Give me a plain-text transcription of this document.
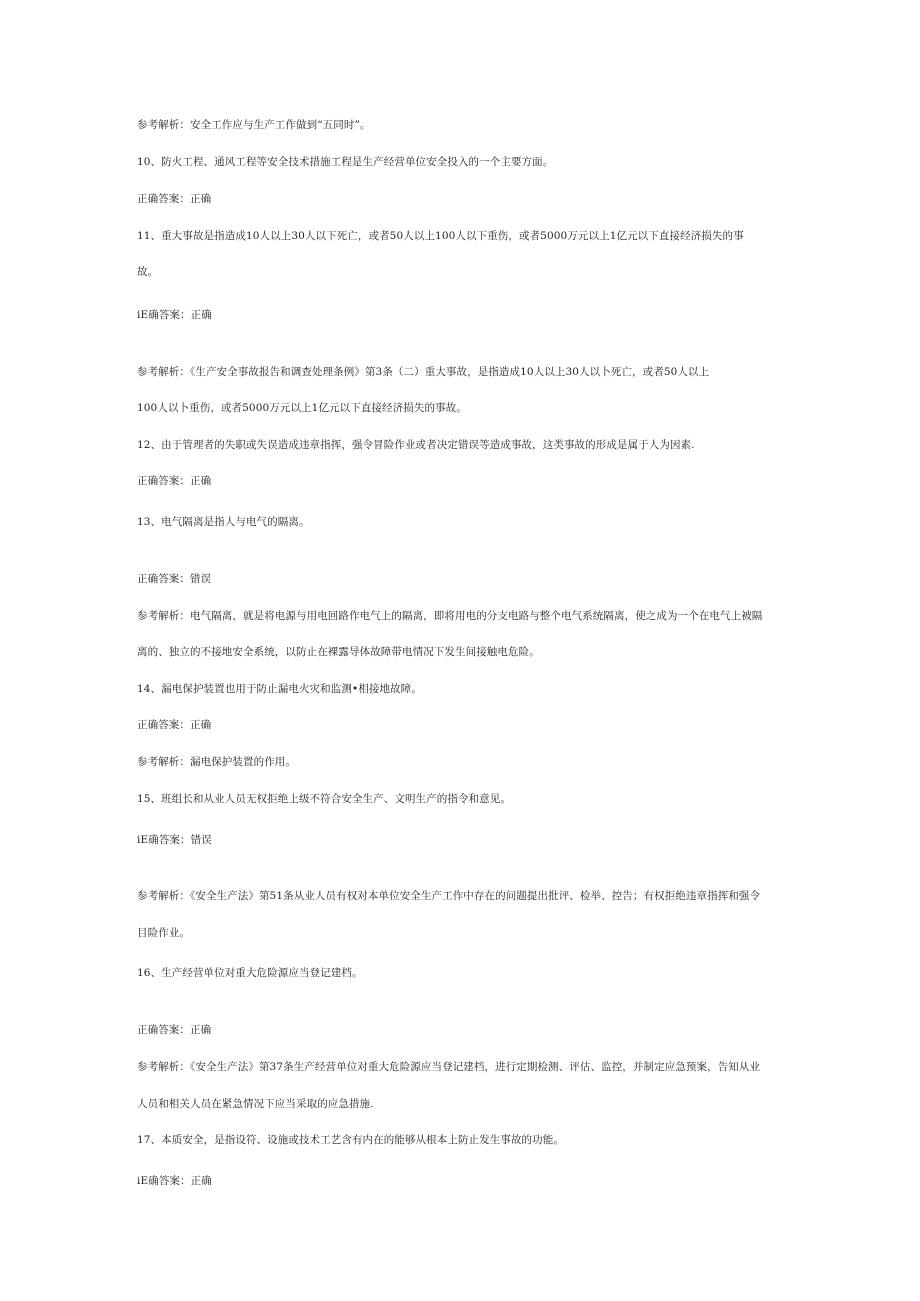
参考解析：安全工作应与生产工作做到“五同时”。
10、防火工程、通风工程等安全技术措施工程是生产经营单位安全投入的一个主要方面。
正确答案：正确
11、重大事故是指造成10人以上30人以下死亡，或者50人以上100人以下重伤，或者5000万元以上1亿元以下直接经济损失的事
故。
iE确答案：正确
参考解析：《生产安全事故报告和调查处理条例》第3条（二）重大事故，是指造成10人以上30人以卜死亡，或者50人以上
100人以卜重伤，或者5000万元以上1亿元以下直接经济损失的事故。
12、由于管理者的失职或失误造成违章指挥，强令冒险作业或者决定错误等造成事故，这类事故的形成是属于人为因素.
正确答案：正确
13、电气隔离是指人与电气的隔离。
正确答案：错误
参考解析：电气隔离，就是将电源与用电回路作电气上的隔离，即将用电的分支电路与整个电气系统隔离，使之成为一个在电气上被隔
离的、独立的不接地安全系统，以防止在裸露导体故障带电情况下发生间接触电危险。
14、漏电保护装置也用于防止漏电火灾和监测•相接地故障。
正确答案：正确
参考解析：漏电保护装置的作用。
15、班组长和从业人员无权拒绝上级不符合安全生产、文明生产的指令和意见。
iE确答案：错误
参考解析：《安全生产法》第51条从业人员有权对本单位安全生产工作中存在的问题提出批评、检举、控告；有权拒绝违章指挥和强令
目险作业。
16、生产经营单位对重大危险源应当登记建档。
正确答案：正确
参考解析：《安全生产法》第37条生产经营单位对重大危险源应当登记建档，进行定期检测、评估、监控，并制定应急预案，告知从业
人员和相关人员在紧急情况下应当采取的应急措施.
17、本质安全，是指设符、设施或技术工艺含有内在的能够从根本上防止发生事故的功能。
iE确答案：正确
